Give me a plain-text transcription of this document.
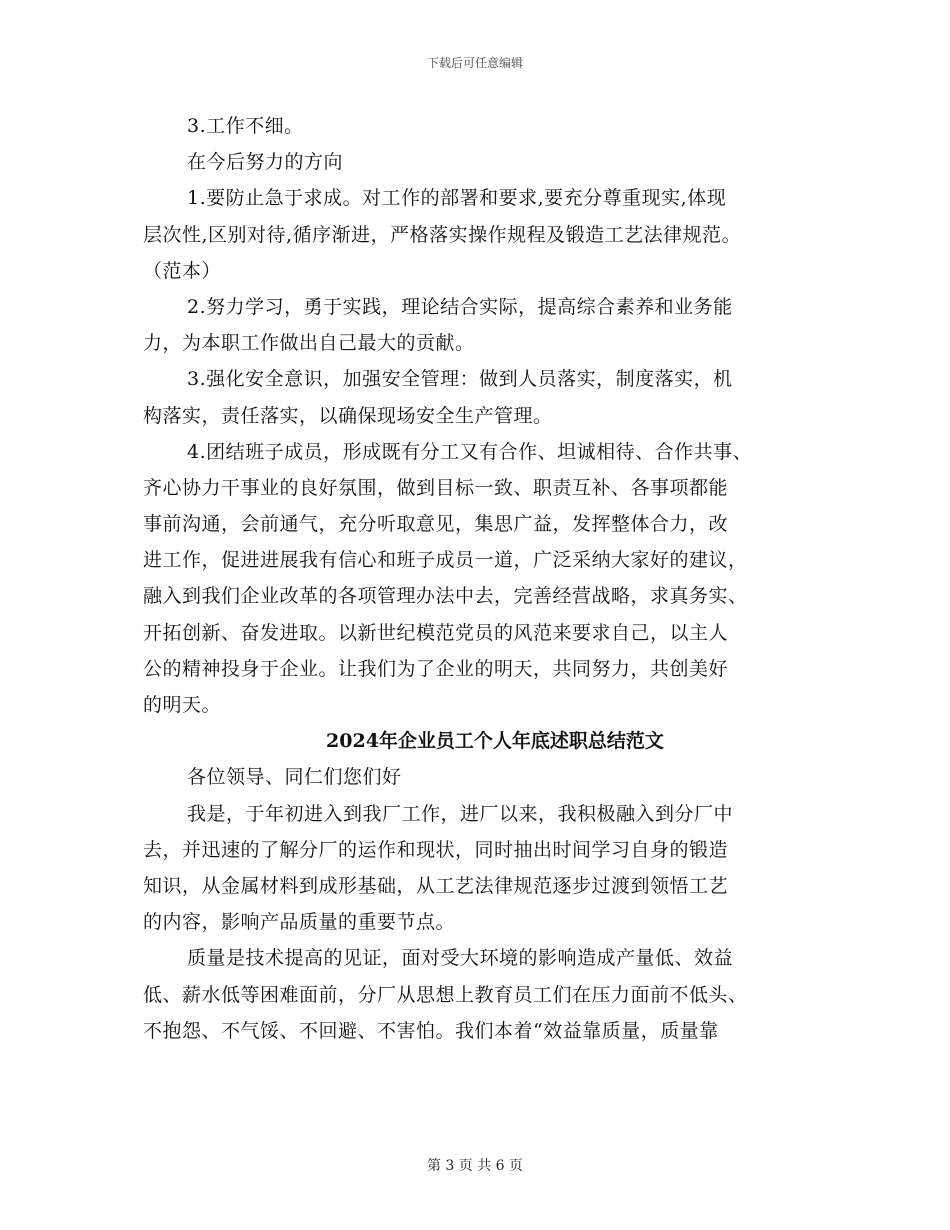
下载后可任意编辑
3.工作不细。
在今后努力的方向
1.要防止急于求成。对工作的部署和要求,要充分尊重现实,体现
层次性,区别对待,循序渐进，严格落实操作规程及锻造工艺法律规范。
（范本）
2.努力学习，勇于实践，理论结合实际，提高综合素养和业务能
力，为本职工作做出自己最大的贡献。
3.强化安全意识，加强安全管理：做到人员落实，制度落实，机
构落实，责任落实，以确保现场安全生产管理。
4.团结班子成员，形成既有分工又有合作、坦诚相待、合作共事、
齐心协力干事业的良好氛围，做到目标一致、职责互补、各事项都能
事前沟通，会前通气，充分听取意见，集思广益，发挥整体合力，改
进工作，促进进展我有信心和班子成员一道，广泛采纳大家好的建议，
融入到我们企业改革的各项管理办法中去，完善经营战略，求真务实、
开拓创新、奋发进取。以新世纪模范党员的风范来要求自己，以主人
公的精神投身于企业。让我们为了企业的明天，共同努力，共创美好
的明天。
2024年企业员工个人年底述职总结范文
各位领导、同仁们您们好
我是，于年初进入到我厂工作，进厂以来，我积极融入到分厂中
去，并迅速的了解分厂的运作和现状，同时抽出时间学习自身的锻造
知识，从金属材料到成形基础，从工艺法律规范逐步过渡到领悟工艺
的内容，影响产品质量的重要节点。
质量是技术提高的见证，面对受大环境的影响造成产量低、效益
低、薪水低等困难面前，分厂从思想上教育员工们在压力面前不低头、
不抱怨、不气馁、不回避、不害怕。我们本着“效益靠质量，质量靠
第 3 页 共 6 页
